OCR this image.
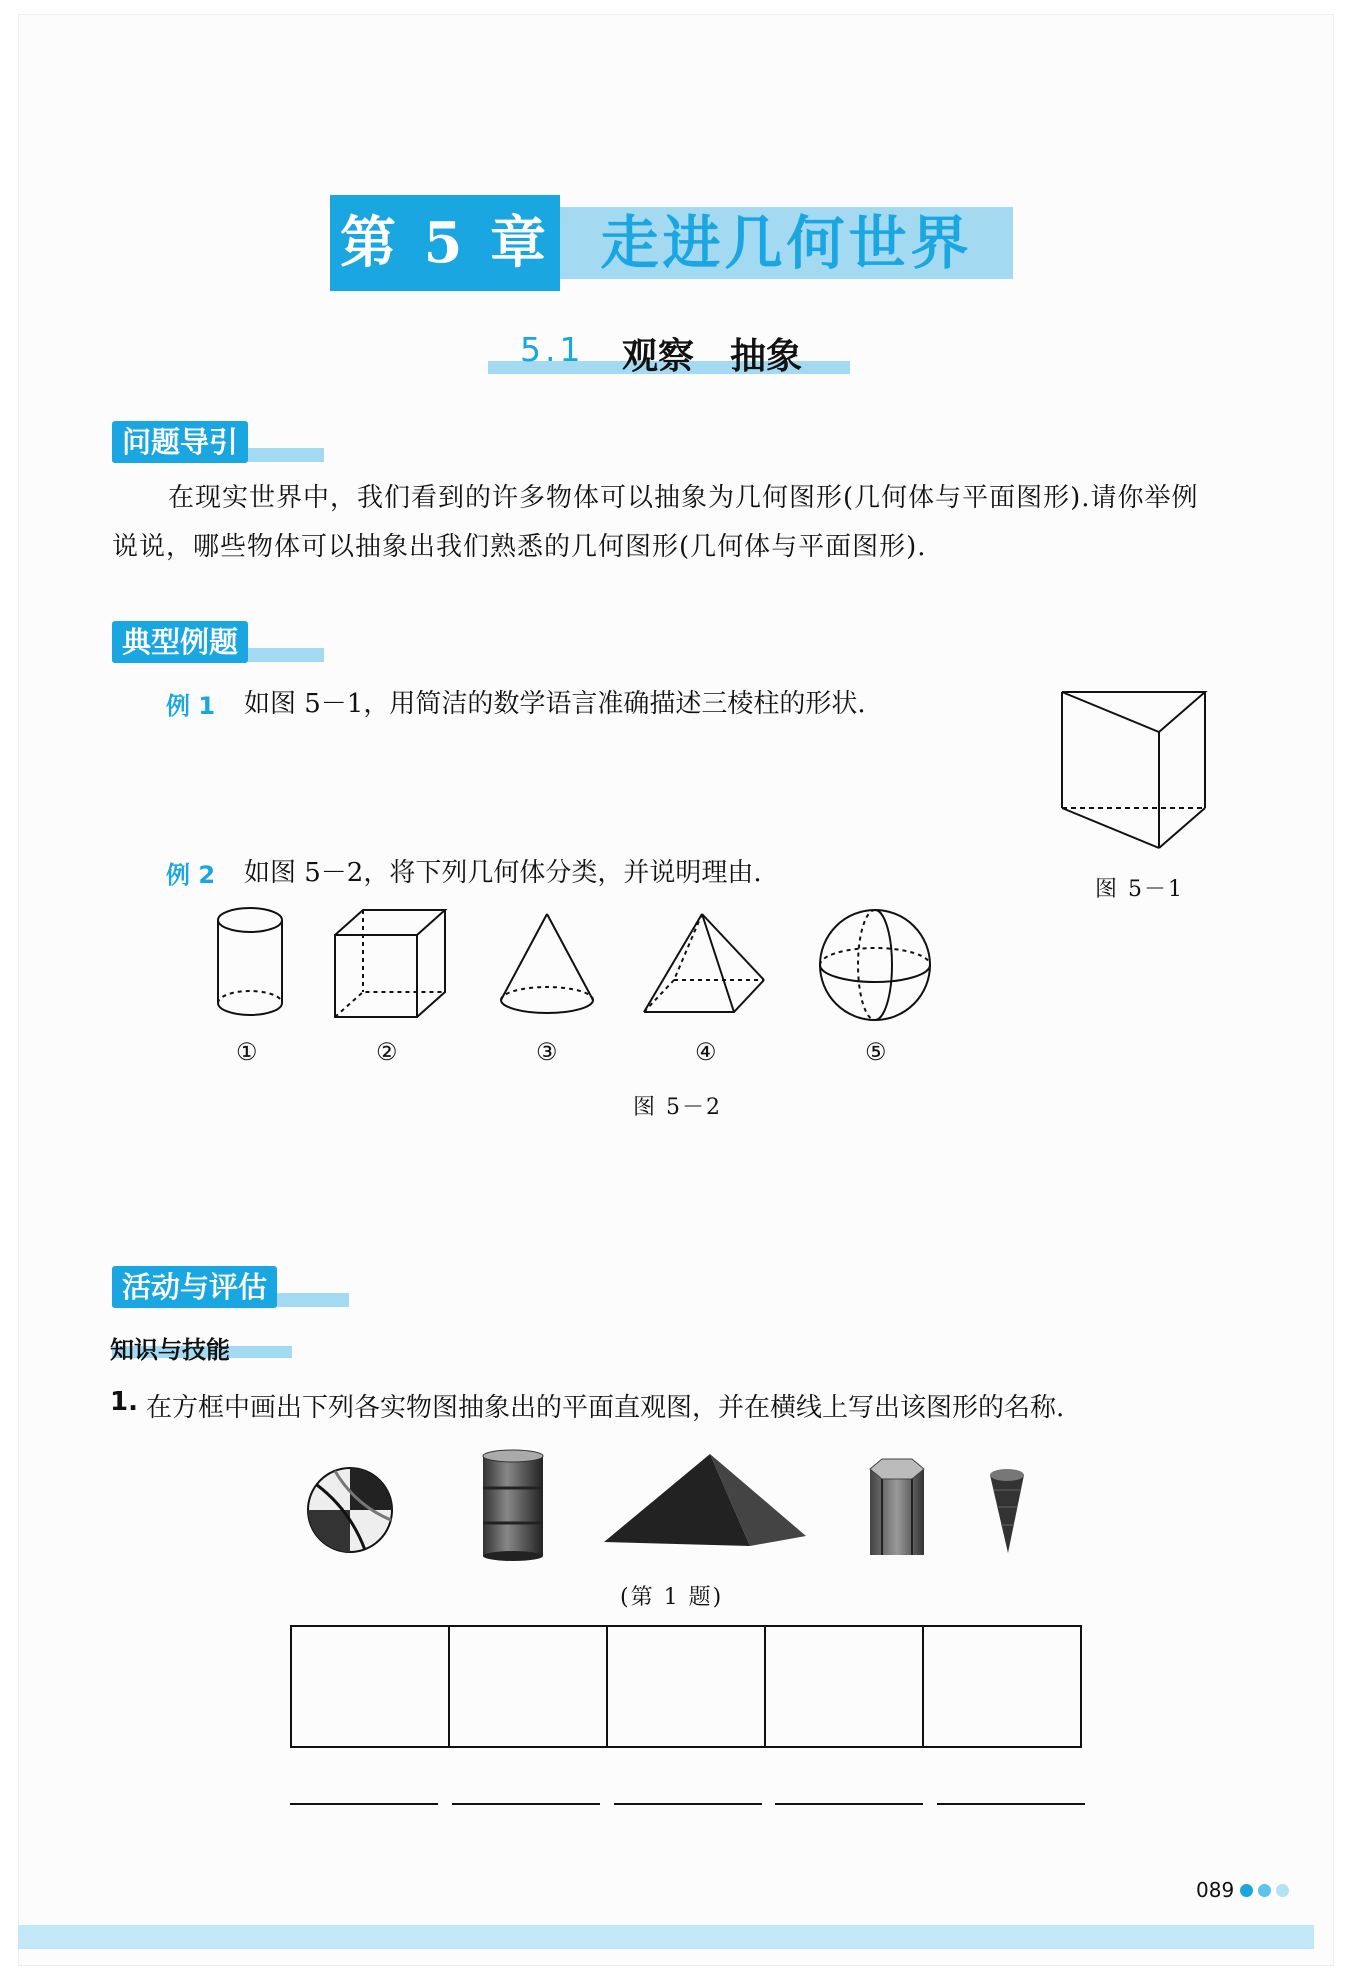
第 5 章 走进几何世界
5.1 观察　抽象
问题导引
在现实世界中，我们看到的许多物体可以抽象为几何图形(几何体与平面图形).请你举例
说说，哪些物体可以抽象出我们熟悉的几何图形(几何体与平面图形).
典型例题
例 1 如图 5－1，用简洁的数学语言准确描述三棱柱的形状.
图 5－1
例 2 如图 5－2，将下列几何体分类，并说明理由.
①	②	③	④	⑤
图 5－2
活动与评估
知识与技能
1. 在方框中画出下列各实物图抽象出的平面直观图，并在横线上写出该图形的名称.
(第 1 题)
089
